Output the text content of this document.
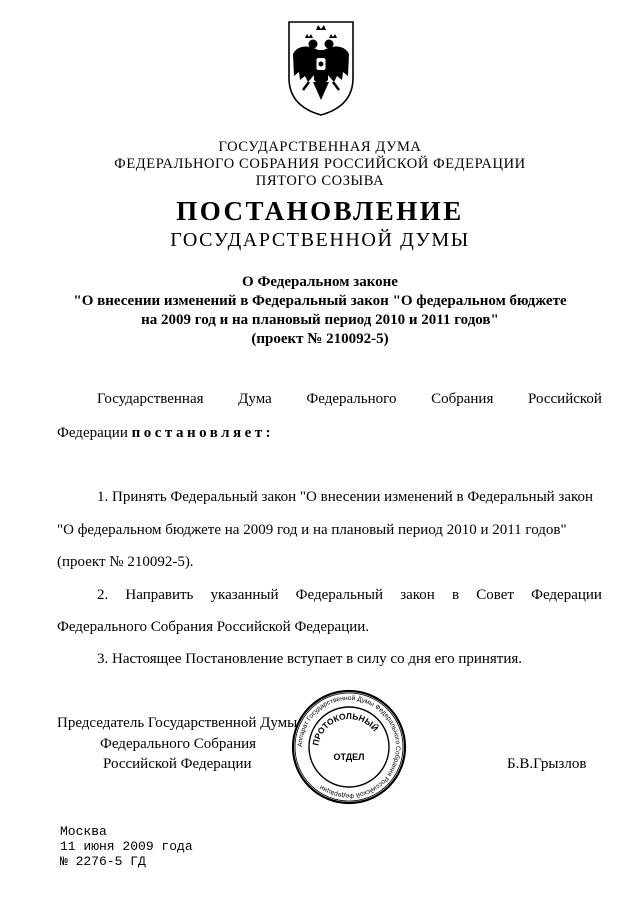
ГОСУДАРСТВЕННАЯ ДУМА
ФЕДЕРАЛЬНОГО СОБРАНИЯ РОССИЙСКОЙ ФЕДЕРАЦИИ
ПЯТОГО СОЗЫВА
ПОСТАНОВЛЕНИЕ
ГОСУДАРСТВЕННОЙ ДУМЫ
О Федеральном законе
"О внесении изменений в Федеральный закон "О федеральном бюджете
на 2009 год и на плановый период 2010 и 2011 годов"
(проект № 210092-5)
Государственная Дума Федерального Собрания Российской
Федерации постановляет:
1. Принять Федеральный закон "О внесении изменений в Федеральный закон
"О федеральном бюджете на 2009 год и на плановый период 2010 и 2011 годов"
(проект № 210092-5).
2. Направить указанный Федеральный закон в Совет Федерации
Федерального Собрания Российской Федерации.
3. Настоящее Постановление вступает в силу со дня его принятия.
Аппарат Государственной Думы Федерального Собрания Российской Федерации
ПРОТОКОЛЬНЫЙ
ОТДЕЛ
Председатель Государственной Думы
Федерального Собрания
Российской Федерации	Б.В.Грызлов
Москва
11 июня 2009 года
№ 2276-5 ГД
